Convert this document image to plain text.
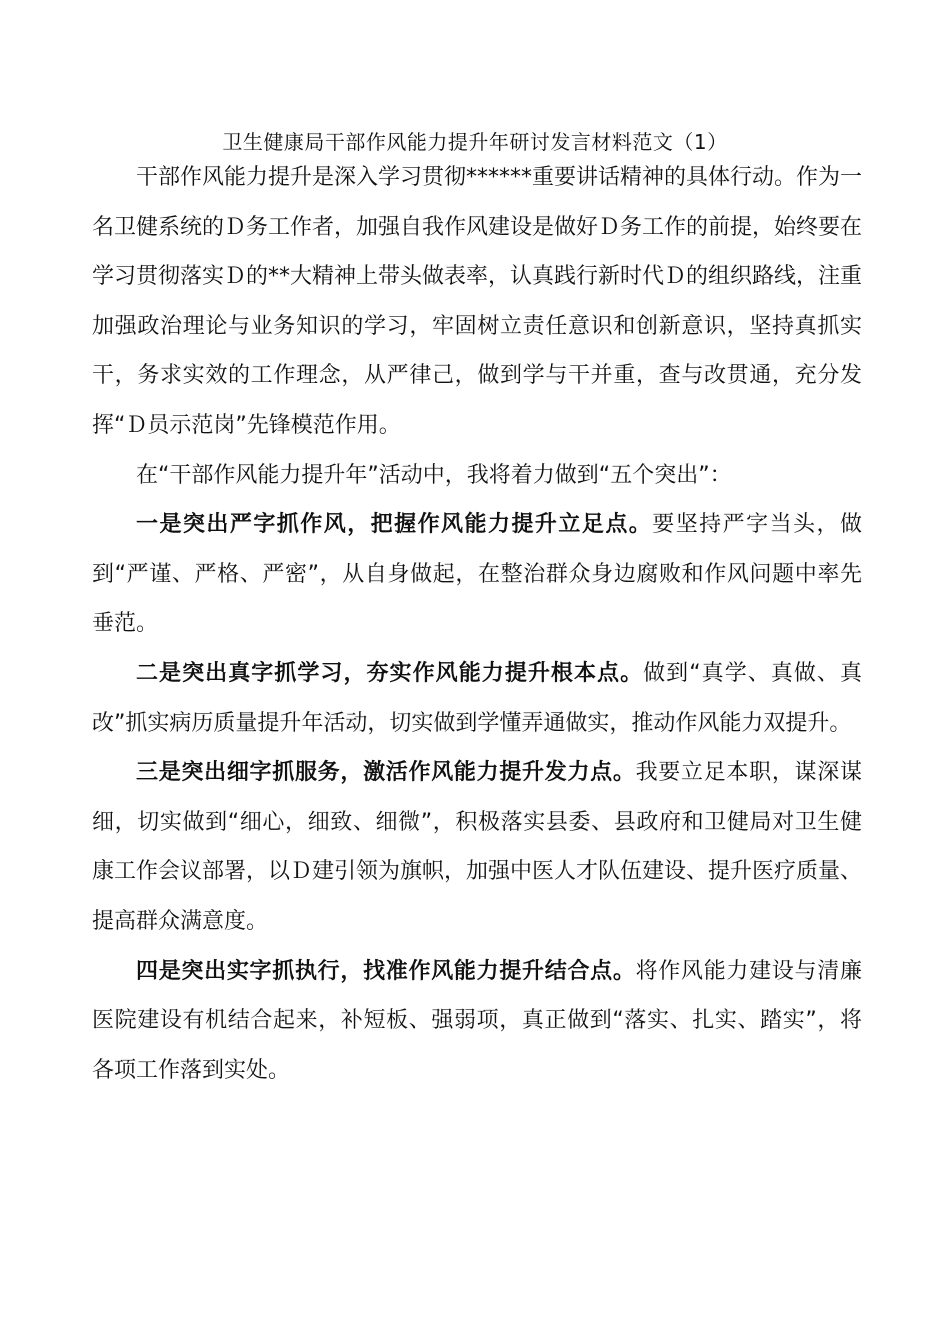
卫生健康局干部作风能力提升年研讨发言材料范文（1）

干部作风能力提升是深入学习贯彻******重要讲话精神的具体行动。作为一名卫健系统的Ｄ务工作者，加强自我作风建设是做好Ｄ务工作的前提，始终要在学习贯彻落实Ｄ的**大精神上带头做表率，认真践行新时代Ｄ的组织路线，注重加强政治理论与业务知识的学习，牢固树立责任意识和创新意识，坚持真抓实干，务求实效的工作理念，从严律己，做到学与干并重，查与改贯通，充分发挥“Ｄ员示范岗”先锋模范作用。

在“干部作风能力提升年”活动中，我将着力做到“五个突出”：

一是突出严字抓作风，把握作风能力提升立足点。要坚持严字当头，做到“严谨、严格、严密”，从自身做起，在整治群众身边腐败和作风问题中率先垂范。

二是突出真字抓学习，夯实作风能力提升根本点。做到“真学、真做、真改”抓实病历质量提升年活动，切实做到学懂弄通做实，推动作风能力双提升。

三是突出细字抓服务，激活作风能力提升发力点。我要立足本职，谋深谋细，切实做到“细心，细致、细微”，积极落实县委、县政府和卫健局对卫生健康工作会议部署，以Ｄ建引领为旗帜，加强中医人才队伍建设、提升医疗质量、提高群众满意度。

四是突出实字抓执行，找准作风能力提升结合点。将作风能力建设与清廉医院建设有机结合起来，补短板、强弱项，真正做到“落实、扎实、踏实”，将各项工作落到实处。
